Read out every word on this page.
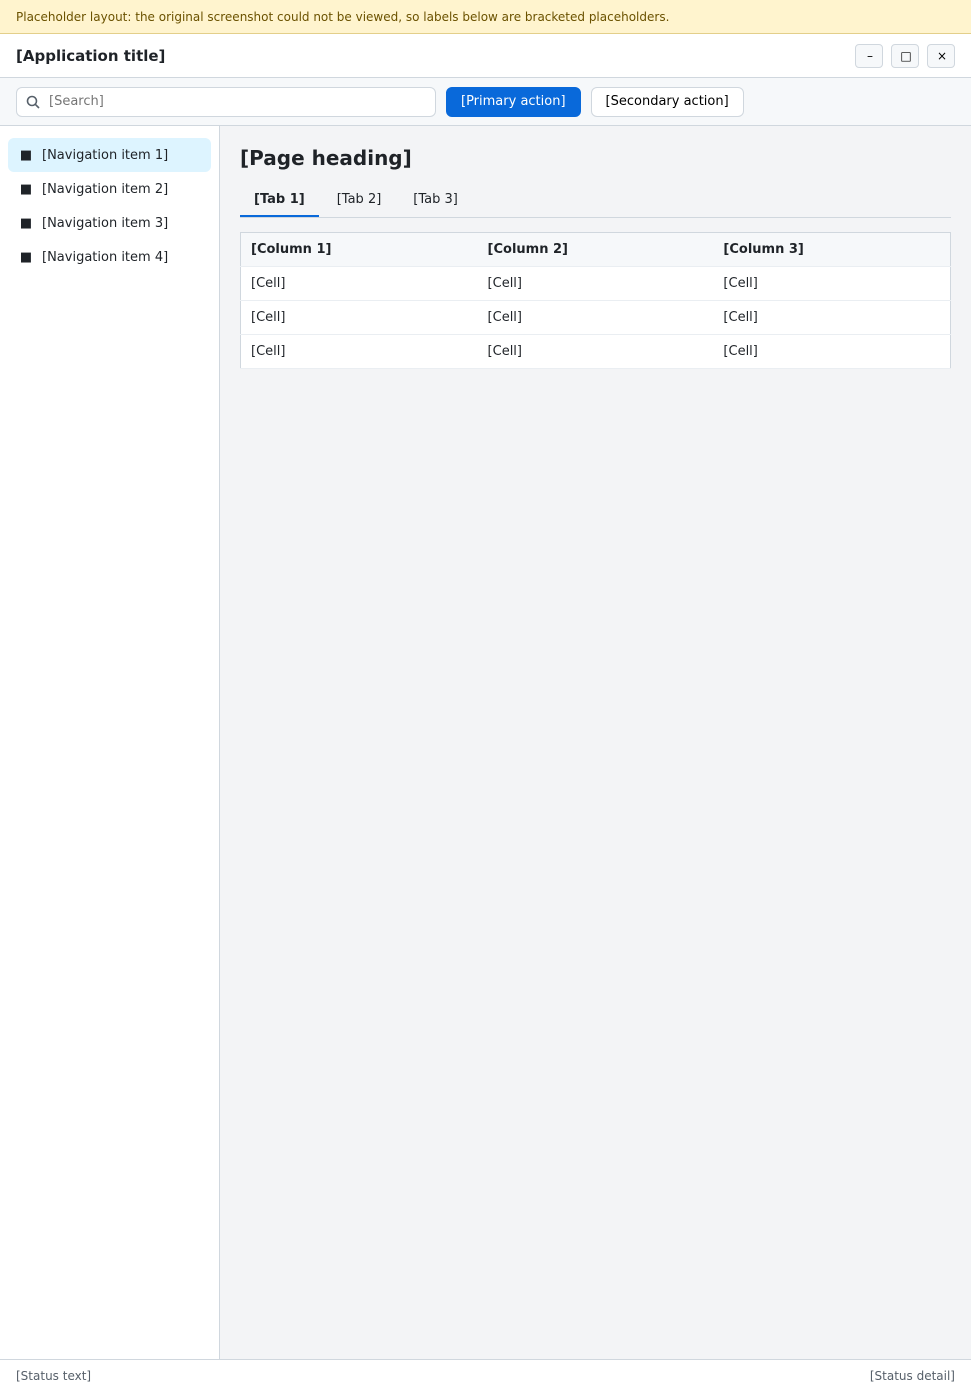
Placeholder layout: the original screenshot could not be viewed, so labels below are bracketed placeholders.
[Application title]	–	□	×
[Search]
[Primary action]	[Secondary action]
■ [Navigation item 1]
■ [Navigation item 2]
■ [Navigation item 3]
■ [Navigation item 4]
[Page heading]
[Tab 1]	[Tab 2]	[Tab 3]
[Column 1]	[Column 2]	[Column 3]
[Cell]	[Cell]	[Cell]
[Cell]	[Cell]	[Cell]
[Cell]	[Cell]	[Cell]
[Status text]	[Status detail]
